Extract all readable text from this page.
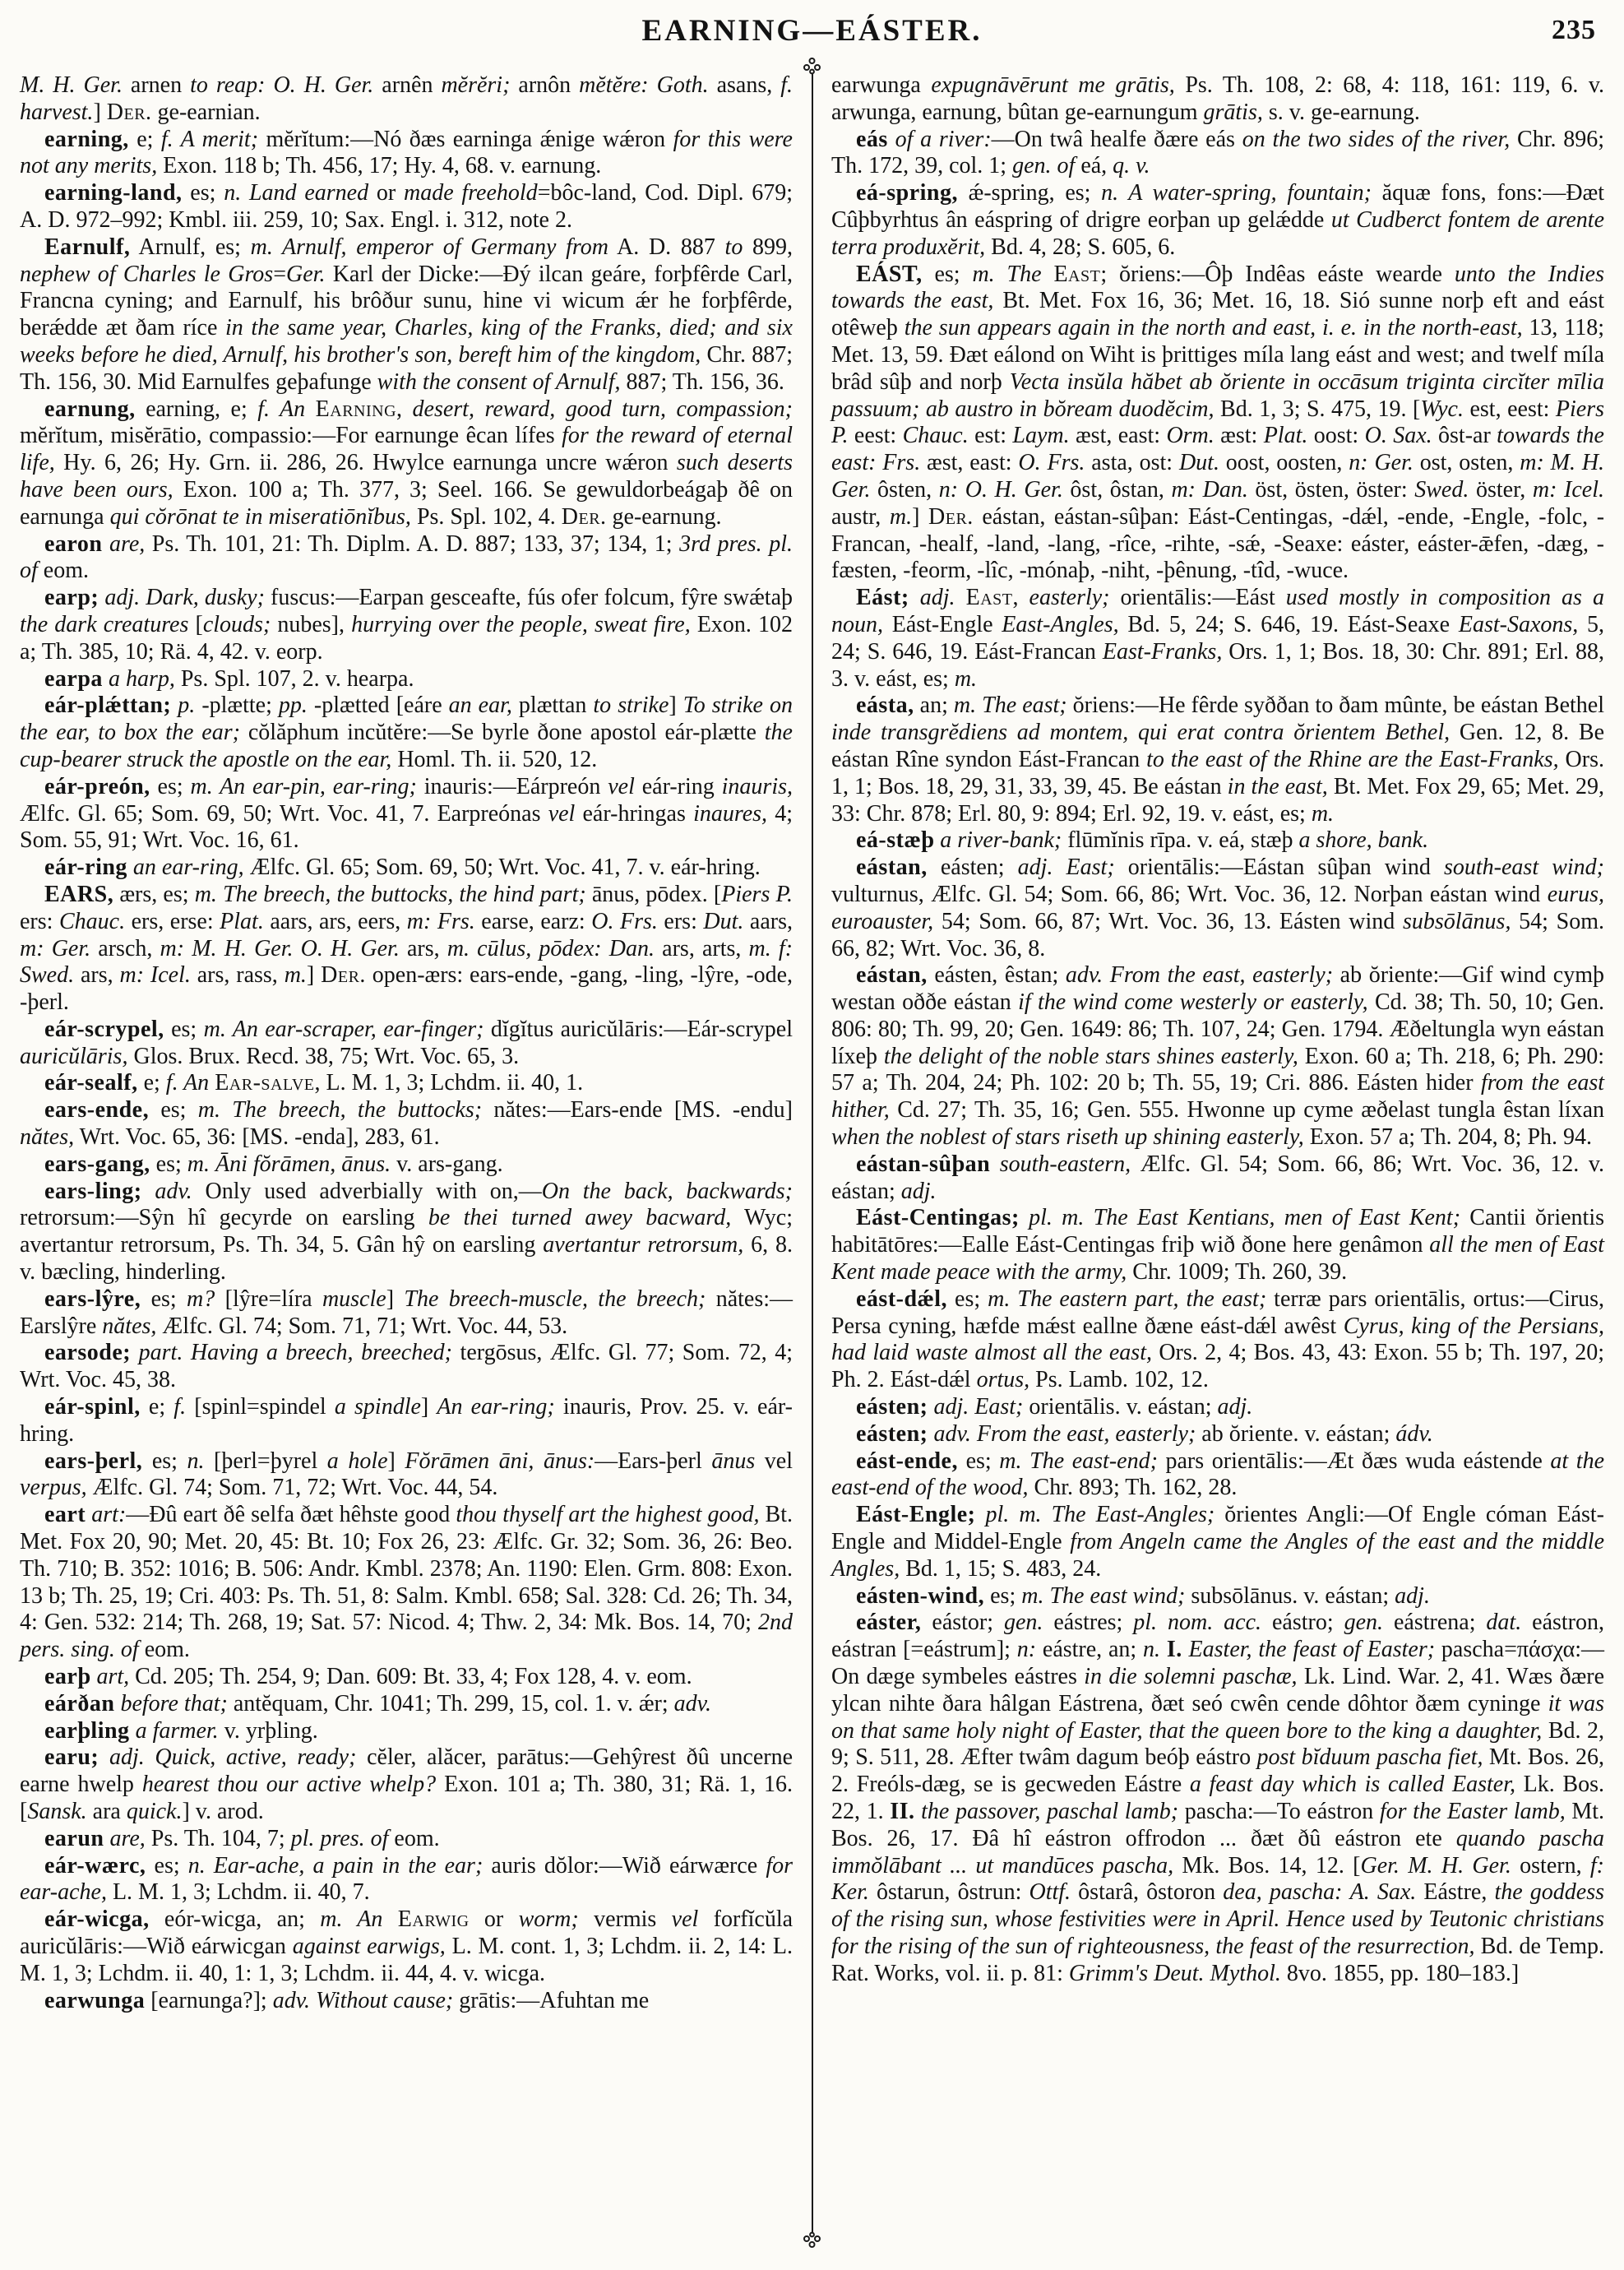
EARNING—EÁSTER.	235

M. H. Ger. arnen to reap: O. H. Ger. arnên mĕrĕri; arnôn mĕtĕre: Goth. asans, f. harvest.] Der. ge-earnian.

earning, e; f. A merit; mĕrĭtum:—Nó ðæs earninga ǽnige wǽron for this were not any merits, Exon. 118 b; Th. 456, 17; Hy. 4, 68. v. earnung.

earning-land, es; n. Land earned or made freehold=bôc-land, Cod. Dipl. 679; A. D. 972–992; Kmbl. iii. 259, 10; Sax. Engl. i. 312, note 2.

Earnulf, Arnulf, es; m. Arnulf, emperor of Germany from A. D. 887 to 899, nephew of Charles le Gros=Ger. Karl der Dicke:—Ðý ilcan geáre, forþfêrde Carl, Francna cyning; and Earnulf, his brôður sunu, hine vi wicum ǽr he forþfêrde, berǽdde æt ðam ríce in the same year, Charles, king of the Franks, died; and six weeks before he died, Arnulf, his brother's son, bereft him of the kingdom, Chr. 887; Th. 156, 30. Mid Earnulfes geþafunge with the consent of Arnulf, 887; Th. 156, 36.

earnung, earning, e; f. An Earning, desert, reward, good turn, compassion; mĕrĭtum, misĕrātio, compassio:—For earnunge êcan lífes for the reward of eternal life, Hy. 6, 26; Hy. Grn. ii. 286, 26. Hwylce earnunga uncre wǽron such deserts have been ours, Exon. 100 a; Th. 377, 3; Seel. 166. Se gewuldorbeágaþ ðê on earnunga qui cŏrōnat te in miseratiōnĭbus, Ps. Spl. 102, 4. Der. ge-earnung.

earon are, Ps. Th. 101, 21: Th. Diplm. A. D. 887; 133, 37; 134, 1; 3rd pres. pl. of eom.

earp; adj. Dark, dusky; fuscus:—Earpan gesceafte, fús ofer folcum, fŷre swǽtaþ the dark creatures [clouds; nubes], hurrying over the people, sweat fire, Exon. 102 a; Th. 385, 10; Rä. 4, 42. v. eorp.

earpa a harp, Ps. Spl. 107, 2. v. hearpa.

eár-plǽttan; p. -plætte; pp. -plætted [eáre an ear, plættan to strike] To strike on the ear, to box the ear; cŏlăphum incŭtĕre:—Se byrle ðone apostol eár-plætte the cup-bearer struck the apostle on the ear, Homl. Th. ii. 520, 12.

eár-preón, es; m. An ear-pin, ear-ring; inauris:—Eárpreón vel eár-ring inauris, Ælfc. Gl. 65; Som. 69, 50; Wrt. Voc. 41, 7. Earpreónas vel eár-hringas inaures, 4; Som. 55, 91; Wrt. Voc. 16, 61.

eár-ring an ear-ring, Ælfc. Gl. 65; Som. 69, 50; Wrt. Voc. 41, 7. v. eár-hring.

EARS, ærs, es; m. The breech, the buttocks, the hind part; ānus, pōdex. [Piers P. ers: Chauc. ers, erse: Plat. aars, ars, eers, m: Frs. earse, earz: O. Frs. ers: Dut. aars, m: Ger. arsch, m: M. H. Ger. O. H. Ger. ars, m. cūlus, pōdex: Dan. ars, arts, m. f: Swed. ars, m: Icel. ars, rass, m.] Der. open-ærs: ears-ende, -gang, -ling, -lŷre, -ode, -þerl.

eár-scrypel, es; m. An ear-scraper, ear-finger; dĭgĭtus auricŭlāris:—Eár-scrypel auricŭlāris, Glos. Brux. Recd. 38, 75; Wrt. Voc. 65, 3.

eár-sealf, e; f. An Ear-salve, L. M. 1, 3; Lchdm. ii. 40, 1.

ears-ende, es; m. The breech, the buttocks; nătes:—Ears-ende [MS. -endu] nătes, Wrt. Voc. 65, 36: [MS. -enda], 283, 61.

ears-gang, es; m. Āni fŏrāmen, ānus. v. ars-gang.

ears-ling; adv. Only used adverbially with on,—On the back, backwards; retrorsum:—Sŷn hî gecyrde on earsling be thei turned awey bacward, Wyc; avertantur retrorsum, Ps. Th. 34, 5. Gân hŷ on earsling avertantur retrorsum, 6, 8. v. bæcling, hinderling.

ears-lŷre, es; m? [lŷre=líra muscle] The breech-muscle, the breech; nătes:—Earslŷre nătes, Ælfc. Gl. 74; Som. 71, 71; Wrt. Voc. 44, 53.

earsode; part. Having a breech, breeched; tergōsus, Ælfc. Gl. 77; Som. 72, 4; Wrt. Voc. 45, 38.

eár-spinl, e; f. [spinl=spindel a spindle] An ear-ring; inauris, Prov. 25. v. eár-hring.

ears-þerl, es; n. [þerl=þyrel a hole] Fŏrāmen āni, ānus:—Ears-þerl ānus vel verpus, Ælfc. Gl. 74; Som. 71, 72; Wrt. Voc. 44, 54.

eart art:—Ðû eart ðê selfa ðæt hêhste good thou thyself art the highest good, Bt. Met. Fox 20, 90; Met. 20, 45: Bt. 10; Fox 26, 23: Ælfc. Gr. 32; Som. 36, 26: Beo. Th. 710; B. 352: 1016; B. 506: Andr. Kmbl. 2378; An. 1190: Elen. Grm. 808: Exon. 13 b; Th. 25, 19; Cri. 403: Ps. Th. 51, 8: Salm. Kmbl. 658; Sal. 328: Cd. 26; Th. 34, 4: Gen. 532: 214; Th. 268, 19; Sat. 57: Nicod. 4; Thw. 2, 34: Mk. Bos. 14, 70; 2nd pers. sing. of eom.

earþ art, Cd. 205; Th. 254, 9; Dan. 609: Bt. 33, 4; Fox 128, 4. v. eom.

eárðan before that; antĕquam, Chr. 1041; Th. 299, 15, col. 1. v. ǽr; adv.

earþling a farmer. v. yrþling.

earu; adj. Quick, active, ready; cĕler, alăcer, parātus:—Gehŷrest ðû uncerne earne hwelp hearest thou our active whelp? Exon. 101 a; Th. 380, 31; Rä. 1, 16. [Sansk. ara quick.] v. arod.

earun are, Ps. Th. 104, 7; pl. pres. of eom.

eár-wærc, es; n. Ear-ache, a pain in the ear; auris dŏlor:—Wið eárwærce for ear-ache, L. M. 1, 3; Lchdm. ii. 40, 7.

eár-wicga, eór-wicga, an; m. An Earwig or worm; vermis vel forfĭcŭla auricŭlāris:—Wið eárwicgan against earwigs, L. M. cont. 1, 3; Lchdm. ii. 2, 14: L. M. 1, 3; Lchdm. ii. 40, 1: 1, 3; Lchdm. ii. 44, 4. v. wicga.

earwunga [earnunga?]; adv. Without cause; grātis:—Afuhtan me

earwunga expugnāvērunt me grātis, Ps. Th. 108, 2: 68, 4: 118, 161: 119, 6. v. arwunga, earnung, bûtan ge-earnungum grātis, s. v. ge-earnung.

eás of a river:—On twâ healfe ðære eás on the two sides of the river, Chr. 896; Th. 172, 39, col. 1; gen. of eá, q. v.

eá-spring, ǽ-spring, es; n. A water-spring, fountain; ăquæ fons, fons:—Ðæt Cûþbyrhtus ân eáspring of drigre eorþan up gelǽdde ut Cudberct fontem de arente terra produxĕrit, Bd. 4, 28; S. 605, 6.

EÁST, es; m. The East; ŏriens:—Ôþ Indêas eáste wearde unto the Indies towards the east, Bt. Met. Fox 16, 36; Met. 16, 18. Sió sunne norþ eft and eást otêweþ the sun appears again in the north and east, i. e. in the north-east, 13, 118; Met. 13, 59. Ðæt eálond on Wiht is þrittiges míla lang eást and west; and twelf míla brâd sûþ and norþ Vecta insŭla hăbet ab ŏriente in occāsum triginta circĭter mīlia passuum; ab austro in bŏream duodĕcim, Bd. 1, 3; S. 475, 19. [Wyc. est, eest: Piers P. eest: Chauc. est: Laym. æst, east: Orm. æst: Plat. oost: O. Sax. ôst-ar towards the east: Frs. æst, east: O. Frs. asta, ost: Dut. oost, oosten, n: Ger. ost, osten, m: M. H. Ger. ôsten, n: O. H. Ger. ôst, ôstan, m: Dan. öst, östen, öster: Swed. öster, m: Icel. austr, m.] Der. eástan, eástan-sûþan: Eást-Centingas, -dǽl, -ende, -Engle, -folc, -Francan, -healf, -land, -lang, -rîce, -rihte, -sǽ, -Seaxe: eáster, eáster-ǣfen, -dæg, -fæsten, -feorm, -lîc, -mónaþ, -niht, -þênung, -tîd, -wuce.

Eást; adj. East, easterly; orientālis:—Eást used mostly in composition as a noun, Eást-Engle East-Angles, Bd. 5, 24; S. 646, 19. Eást-Seaxe East-Saxons, 5, 24; S. 646, 19. Eást-Francan East-Franks, Ors. 1, 1; Bos. 18, 30: Chr. 891; Erl. 88, 3. v. eást, es; m.

eásta, an; m. The east; ŏriens:—He fêrde syððan to ðam mûnte, be eástan Bethel inde transgrĕdiens ad montem, qui erat contra ŏrientem Bethel, Gen. 12, 8. Be eástan Rîne syndon Eást-Francan to the east of the Rhine are the East-Franks, Ors. 1, 1; Bos. 18, 29, 31, 33, 39, 45. Be eástan in the east, Bt. Met. Fox 29, 65; Met. 29, 33: Chr. 878; Erl. 80, 9: 894; Erl. 92, 19. v. eást, es; m.

eá-stæþ a river-bank; flūmĭnis rīpa. v. eá, stæþ a shore, bank.

eástan, eásten; adj. East; orientālis:—Eástan sûþan wind south-east wind; vulturnus, Ælfc. Gl. 54; Som. 66, 86; Wrt. Voc. 36, 12. Norþan eástan wind eurus, euroauster, 54; Som. 66, 87; Wrt. Voc. 36, 13. Eásten wind subsōlānus, 54; Som. 66, 82; Wrt. Voc. 36, 8.

eástan, eásten, êstan; adv. From the east, easterly; ab ŏriente:—Gif wind cymþ westan oððe eástan if the wind come westerly or easterly, Cd. 38; Th. 50, 10; Gen. 806: 80; Th. 99, 20; Gen. 1649: 86; Th. 107, 24; Gen. 1794. Æðeltungla wyn eástan líxeþ the delight of the noble stars shines easterly, Exon. 60 a; Th. 218, 6; Ph. 290: 57 a; Th. 204, 24; Ph. 102: 20 b; Th. 55, 19; Cri. 886. Eásten hider from the east hither, Cd. 27; Th. 35, 16; Gen. 555. Hwonne up cyme æðelast tungla êstan líxan when the noblest of stars riseth up shining easterly, Exon. 57 a; Th. 204, 8; Ph. 94.

eástan-sûþan south-eastern, Ælfc. Gl. 54; Som. 66, 86; Wrt. Voc. 36, 12. v. eástan; adj.

Eást-Centingas; pl. m. The East Kentians, men of East Kent; Cantii ŏrientis habitātōres:—Ealle Eást-Centingas friþ wið ðone here genâmon all the men of East Kent made peace with the army, Chr. 1009; Th. 260, 39.

eást-dǽl, es; m. The eastern part, the east; terræ pars orientālis, ortus:—Cirus, Persa cyning, hæfde mǽst eallne ðæne eást-dǽl awêst Cyrus, king of the Persians, had laid waste almost all the east, Ors. 2, 4; Bos. 43, 43: Exon. 55 b; Th. 197, 20; Ph. 2. Eást-dǽl ortus, Ps. Lamb. 102, 12.

eásten; adj. East; orientālis. v. eástan; adj.

eásten; adv. From the east, easterly; ab ŏriente. v. eástan; ádv.

eást-ende, es; m. The east-end; pars orientālis:—Æt ðæs wuda eástende at the east-end of the wood, Chr. 893; Th. 162, 28.

Eást-Engle; pl. m. The East-Angles; ŏrientes Angli:—Of Engle cóman Eást-Engle and Middel-Engle from Angeln came the Angles of the east and the middle Angles, Bd. 1, 15; S. 483, 24.

eásten-wind, es; m. The east wind; subsōlānus. v. eástan; adj.

eáster, eástor; gen. eástres; pl. nom. acc. eástro; gen. eástrena; dat. eástron, eástran [=eástrum]; n: eástre, an; n. I. Easter, the feast of Easter; pascha=πάσχα:—On dæge symbeles eástres in die solemni paschæ, Lk. Lind. War. 2, 41. Wæs ðære ylcan nihte ðara hâlgan Eástrena, ðæt seó cwên cende dôhtor ðæm cyninge it was on that same holy night of Easter, that the queen bore to the king a daughter, Bd. 2, 9; S. 511, 28. Æfter twâm dagum beóþ eástro post bĭduum pascha fiet, Mt. Bos. 26, 2. Freóls-dæg, se is gecweden Eástre a feast day which is called Easter, Lk. Bos. 22, 1. II. the passover, paschal lamb; pascha:—To eástron for the Easter lamb, Mt. Bos. 26, 17. Ðâ hî eástron offrodon ... ðæt ðû eástron ete quando pascha immŏlābant ... ut mandūces pascha, Mk. Bos. 14, 12. [Ger. M. H. Ger. ostern, f: Ker. ôstarun, ôstrun: Ottf. ôstarâ, ôstoron dea, pascha: A. Sax. Eástre, the goddess of the rising sun, whose festivities were in April. Hence used by Teutonic christians for the rising of the sun of righteousness, the feast of the resurrection, Bd. de Temp. Rat. Works, vol. ii. p. 81: Grimm's Deut. Mythol. 8vo. 1855, pp. 180–183.]
